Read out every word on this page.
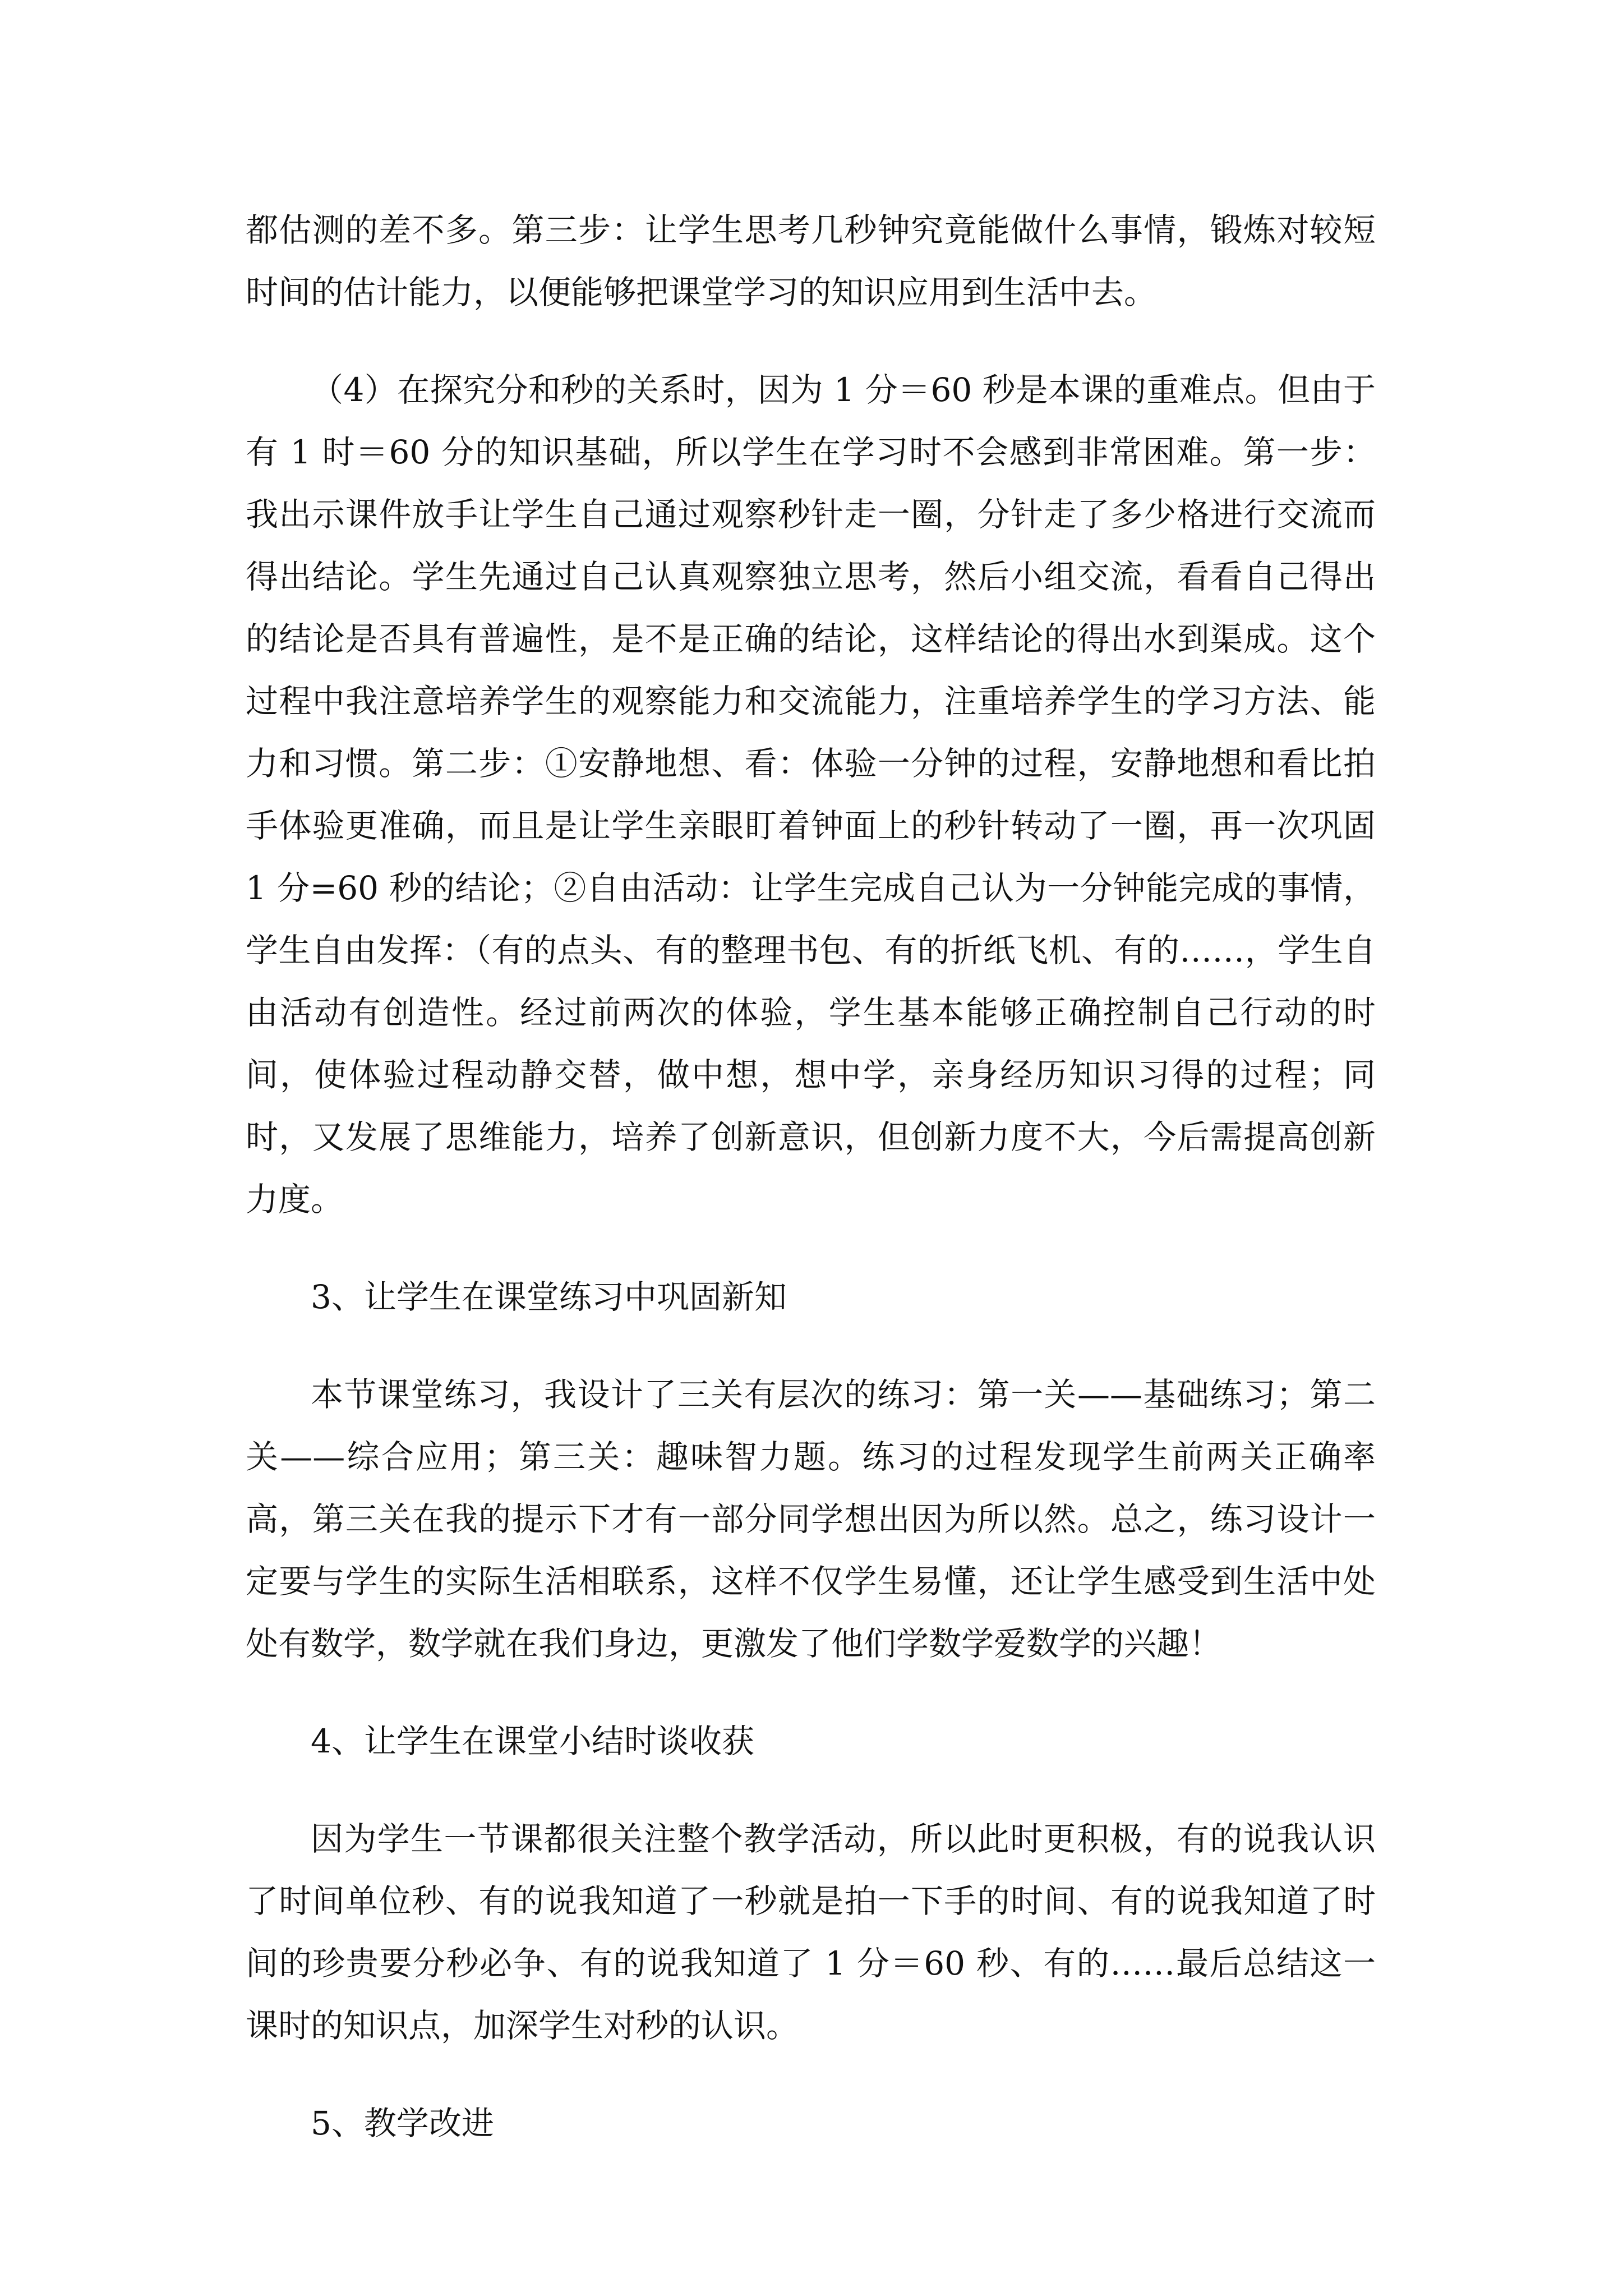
都估测的差不多。第三步：让学生思考几秒钟究竟能做什么事情，锻炼对较短时间的估计能力，以便能够把课堂学习的知识应用到生活中去。

（4）在探究分和秒的关系时，因为 1 分＝60 秒是本课的重难点。但由于有 1 时＝60 分的知识基础，所以学生在学习时不会感到非常困难。第一步：我出示课件放手让学生自己通过观察秒针走一圈，分针走了多少格进行交流而得出结论。学生先通过自己认真观察独立思考，然后小组交流，看看自己得出的结论是否具有普遍性，是不是正确的结论，这样结论的得出水到渠成。这个过程中我注意培养学生的观察能力和交流能力，注重培养学生的学习方法、能力和习惯。第二步：①安静地想、看：体验一分钟的过程，安静地想和看比拍手体验更准确，而且是让学生亲眼盯着钟面上的秒针转动了一圈，再一次巩固 1 分=60 秒的结论；②自由活动：让学生完成自己认为一分钟能完成的事情，学生自由发挥：（有的点头、有的整理书包、有的折纸飞机、有的……，学生自由活动有创造性。经过前两次的体验，学生基本能够正确控制自己行动的时间，使体验过程动静交替，做中想，想中学，亲身经历知识习得的过程；同时，又发展了思维能力，培养了创新意识，但创新力度不大，今后需提高创新力度。

3、让学生在课堂练习中巩固新知

本节课堂练习，我设计了三关有层次的练习：第一关——基础练习；第二关——综合应用；第三关：趣味智力题。练习的过程发现学生前两关正确率高，第三关在我的提示下才有一部分同学想出因为所以然。总之，练习设计一定要与学生的实际生活相联系，这样不仅学生易懂，还让学生感受到生活中处处有数学，数学就在我们身边，更激发了他们学数学爱数学的兴趣！

4、让学生在课堂小结时谈收获

因为学生一节课都很关注整个教学活动，所以此时更积极，有的说我认识了时间单位秒、有的说我知道了一秒就是拍一下手的时间、有的说我知道了时间的珍贵要分秒必争、有的说我知道了 1 分＝60 秒、有的……最后总结这一课时的知识点，加深学生对秒的认识。

5、教学改进
